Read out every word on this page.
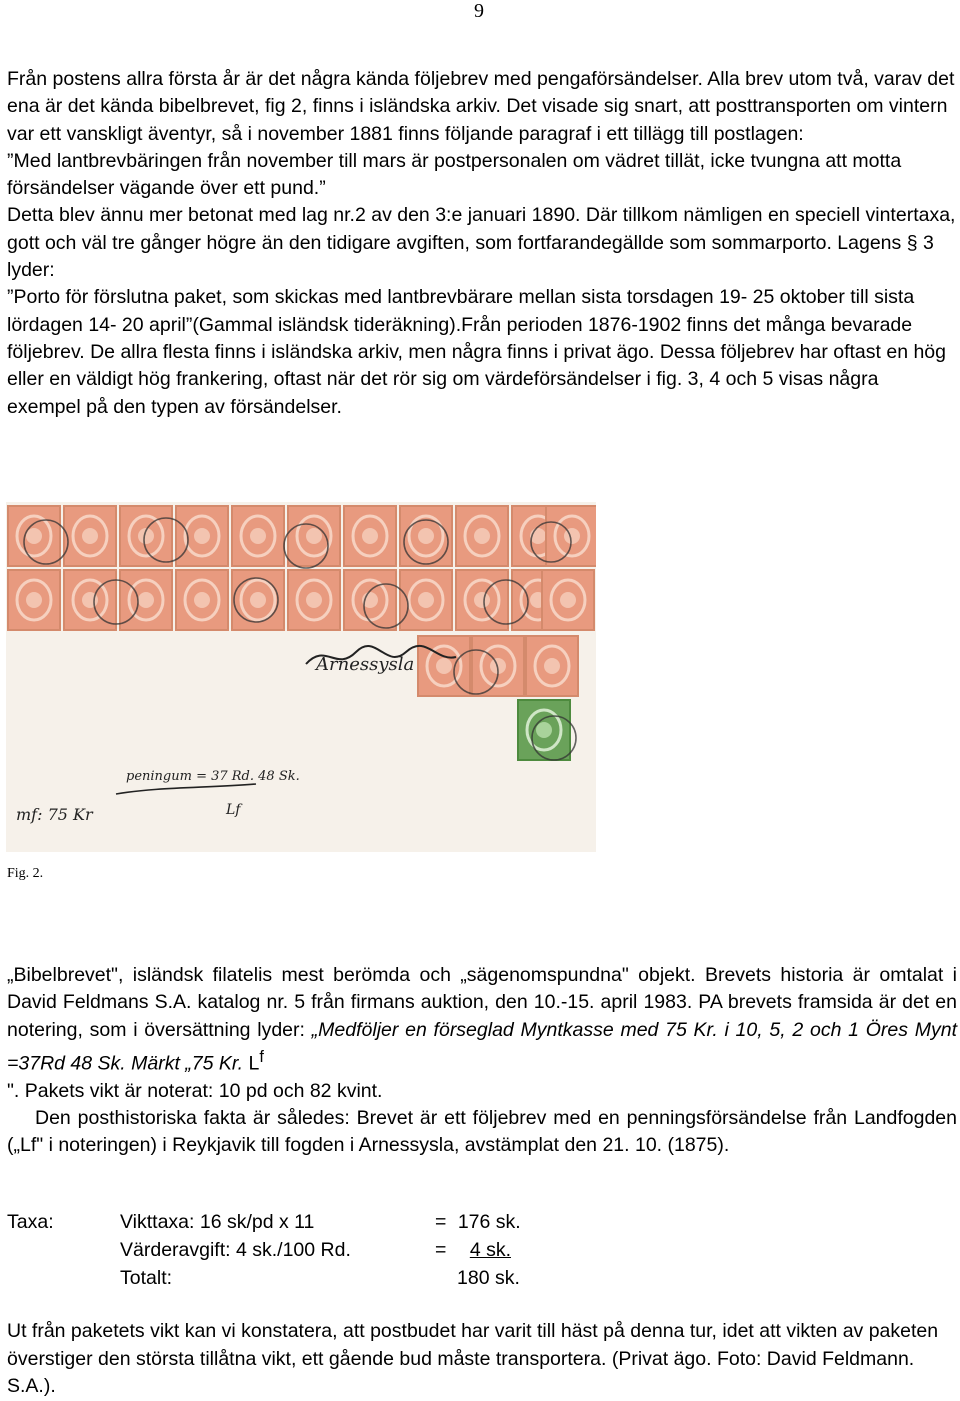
9
Från postens allra första år är det några kända följebrev med pengaförsändelser. Alla brev utom två, varav det ena är det kända bibelbrevet, fig 2, finns i isländska arkiv. Det visade sig snart, att posttransporten om vintern var ett vanskligt äventyr, så i november 1881 finns följande paragraf i ett tillägg till postlagen:
”Med lantbrevbäringen från november till mars är postpersonalen om vädret tillät, icke tvungna att motta försändelser vägande över ett pund.”
Detta blev ännu mer betonat med lag nr.2 av den 3:e januari 1890. Där tillkom nämligen en speciell vintertaxa, gott och väl tre gånger högre än den tidigare avgiften, som fortfarandegällde som sommarporto. Lagens § 3 lyder:
”Porto för förslutna paket, som skickas med lantbrevbärare mellan sista torsdagen 19- 25 oktober till sista lördagen 14- 20 april”(Gammal isländsk tideräkning).Från perioden 1876-1902 finns det många bevarade följebrev. De allra flesta finns i isländska arkiv, men några finns i privat ägo. Dessa följebrev har oftast en hög eller en väldigt hög frankering, oftast när det rör sig om värdeförsändelser i fig. 3, 4 och 5 visas några exempel på den typen av försändelser.
peningum = 37 Rd. 48 Sk.
Lf
mf: 75 Kr
Arnessysla
Fig. 2.
„Bibelbrevet", isländsk filatelis mest berömda och „sägenomspundna" objekt. Brevets historia är omtalat i David Feldmans S.A. katalog nr. 5 från firmans auktion, den 10.-15. april 1983. PA brevets framsida är det en notering, som i översättning lyder: „Medföljer en förseglad Myntkasse med 75 Kr. i 10, 5, 2 och 1 Öres Mynt =37Rd 48 Sk. Märkt „75 Kr. $L^f$
". Pakets vikt är noterat: 10 pd och 82 kvint.
Den posthistoriska fakta är således: Brevet är ett följebrev med en penningsförsändelse från Landfogden („Lf" i noteringen) i Reykjavik till fogden i Arnessysla, avstämplat den 21. 10. (1875).
Taxa:	Vikttaxa: 16 sk/pd x 11	= 176 sk.
Värderavgift: 4 sk./100 Rd.	= 4 sk.
Totalt:	180 sk.
Ut från paketets vikt kan vi konstatera, att postbudet har varit till häst på denna tur, idet att vikten av paketen överstiger den största tillåtna vikt, ett gående bud måste transportera. (Privat ägo. Foto: David Feldmann. S.A.).
